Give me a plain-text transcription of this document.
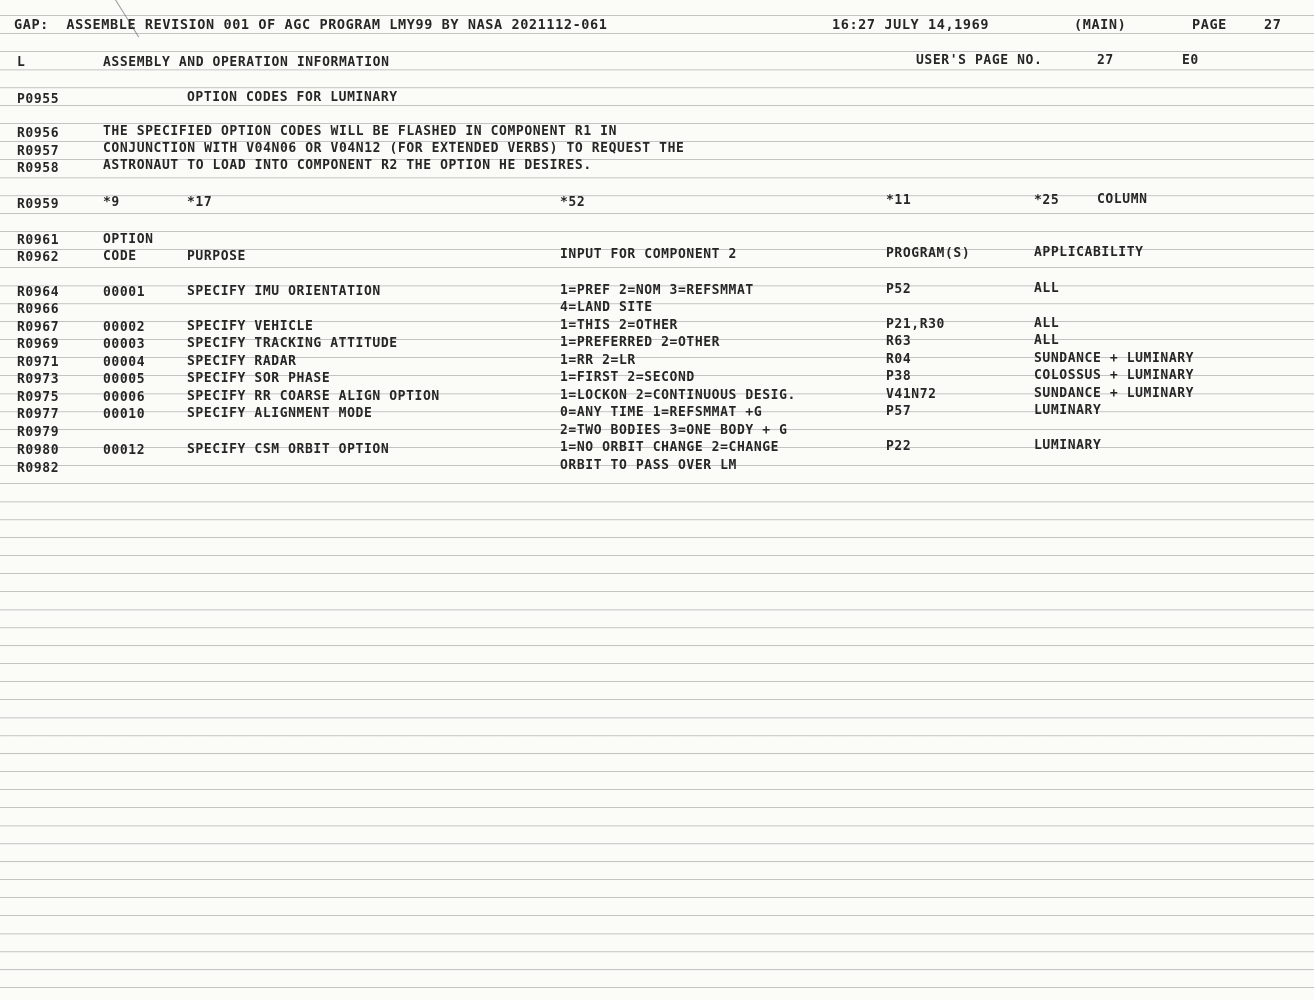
GAP:  ASSEMBLE REVISION 001 OF AGC PROGRAM LMY99 BY NASA 2021112-061	16:27 JULY 14,1969	(MAIN)	PAGE	27
L	ASSEMBLY AND OPERATION INFORMATION	USER'S PAGE NO.	27	E0
P0955	OPTION CODES FOR LUMINARY
R0956	THE SPECIFIED OPTION CODES WILL BE FLASHED IN COMPONENT R1 IN
R0957	CONJUNCTION WITH V04N06 OR V04N12 (FOR EXTENDED VERBS) TO REQUEST THE
R0958	ASTRONAUT TO LOAD INTO COMPONENT R2 THE OPTION HE DESIRES.
R0959	*9	*17	*52	*11	*25	COLUMN
R0961	OPTION
R0962	CODE	PURPOSE	INPUT FOR COMPONENT 2	PROGRAM(S)	APPLICABILITY
R0964	00001	SPECIFY IMU ORIENTATION	1=PREF 2=NOM 3=REFSMMAT	P52	ALL
R0966	4=LAND SITE
R0967	00002	SPECIFY VEHICLE	1=THIS 2=OTHER	P21,R30	ALL
R0969	00003	SPECIFY TRACKING ATTITUDE	1=PREFERRED 2=OTHER	R63	ALL
R0971	00004	SPECIFY RADAR	1=RR 2=LR	R04	SUNDANCE + LUMINARY
R0973	00005	SPECIFY SOR PHASE	1=FIRST 2=SECOND	P38	COLOSSUS + LUMINARY
R0975	00006	SPECIFY RR COARSE ALIGN OPTION	1=LOCKON 2=CONTINUOUS DESIG.	V41N72	SUNDANCE + LUMINARY
R0977	00010	SPECIFY ALIGNMENT MODE	0=ANY TIME 1=REFSMMAT +G	P57	LUMINARY
R0979	2=TWO BODIES 3=ONE BODY + G
R0980	00012	SPECIFY CSM ORBIT OPTION	1=NO ORBIT CHANGE 2=CHANGE	P22	LUMINARY
R0982	ORBIT TO PASS OVER LM
